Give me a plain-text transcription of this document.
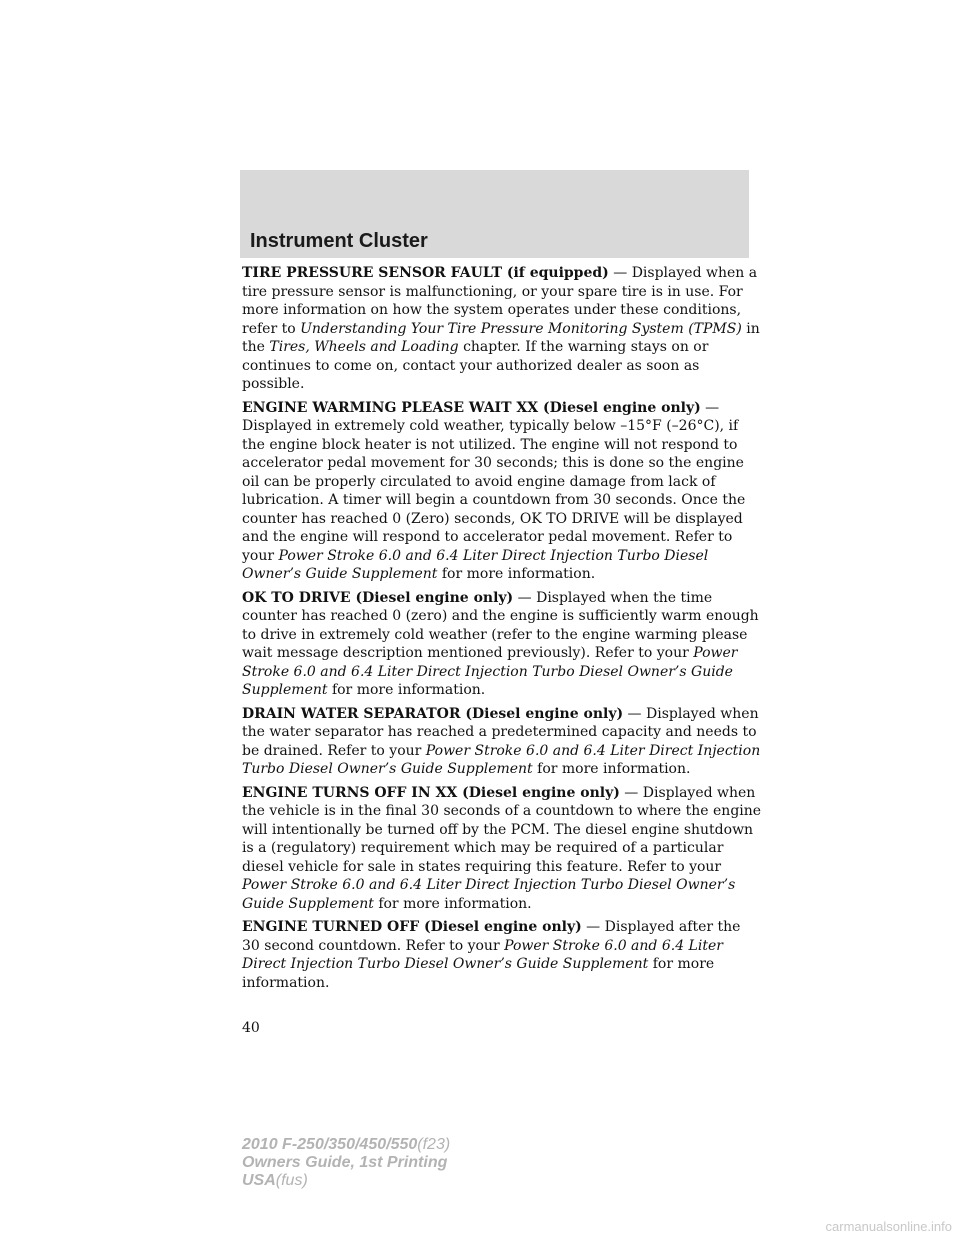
Instrument Cluster

TIRE PRESSURE SENSOR FAULT (if equipped) — Displayed when a tire pressure sensor is malfunctioning, or your spare tire is in use. For more information on how the system operates under these conditions, refer to Understanding Your Tire Pressure Monitoring System (TPMS) in the Tires, Wheels and Loading chapter. If the warning stays on or continues to come on, contact your authorized dealer as soon as possible.

ENGINE WARMING PLEASE WAIT XX (Diesel engine only) — Displayed in extremely cold weather, typically below –15°F (–26°C), if the engine block heater is not utilized. The engine will not respond to accelerator pedal movement for 30 seconds; this is done so the engine oil can be properly circulated to avoid engine damage from lack of lubrication. A timer will begin a countdown from 30 seconds. Once the counter has reached 0 (Zero) seconds, OK TO DRIVE will be displayed and the engine will respond to accelerator pedal movement. Refer to your Power Stroke 6.0 and 6.4 Liter Direct Injection Turbo Diesel Owner’s Guide Supplement for more information.

OK TO DRIVE (Diesel engine only) — Displayed when the time counter has reached 0 (zero) and the engine is sufficiently warm enough to drive in extremely cold weather (refer to the engine warming please wait message description mentioned previously). Refer to your Power Stroke 6.0 and 6.4 Liter Direct Injection Turbo Diesel Owner’s Guide Supplement for more information.

DRAIN WATER SEPARATOR (Diesel engine only) — Displayed when the water separator has reached a predetermined capacity and needs to be drained. Refer to your Power Stroke 6.0 and 6.4 Liter Direct Injection Turbo Diesel Owner’s Guide Supplement for more information.

ENGINE TURNS OFF IN XX (Diesel engine only) — Displayed when the vehicle is in the final 30 seconds of a countdown to where the engine will intentionally be turned off by the PCM. The diesel engine shutdown is a (regulatory) requirement which may be required of a particular diesel vehicle for sale in states requiring this feature. Refer to your Power Stroke 6.0 and 6.4 Liter Direct Injection Turbo Diesel Owner’s Guide Supplement for more information.

ENGINE TURNED OFF (Diesel engine only) — Displayed after the 30 second countdown. Refer to your Power Stroke 6.0 and 6.4 Liter Direct Injection Turbo Diesel Owner’s Guide Supplement for more information.

40
2010 F-250/350/450/550(f23)
Owners Guide, 1st Printing
USA(fus)
carmanualsonline.info
